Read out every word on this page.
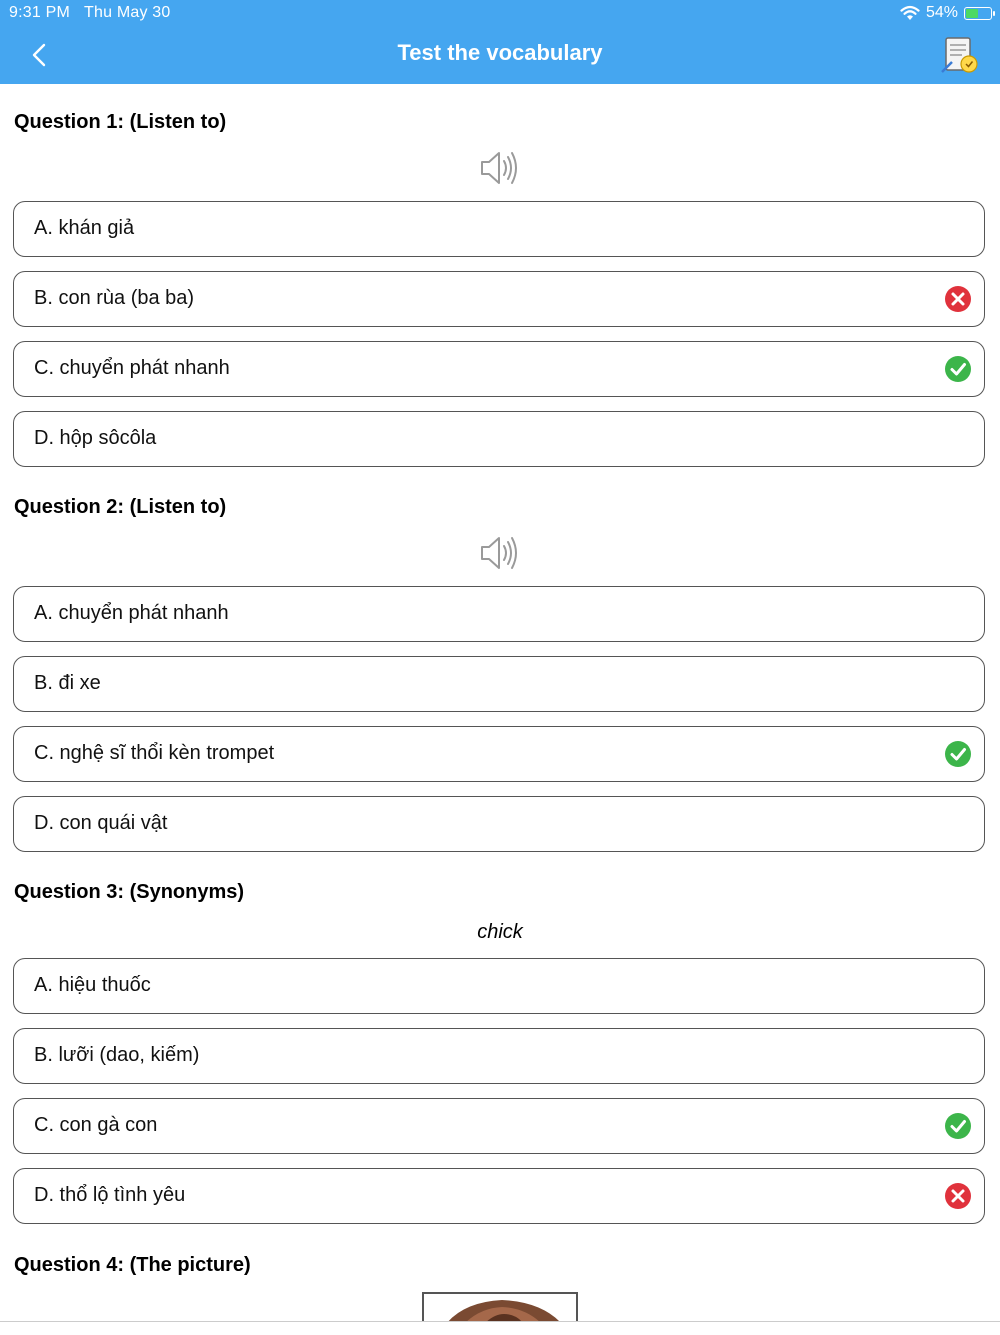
9:31 PM Thu May 30	54%
Test the vocabulary
Question 1: (Listen to)
A. khán giả
B. con rùa (ba ba)
C. chuyển phát nhanh
D. hộp sôcôla
Question 2: (Listen to)
A. chuyển phát nhanh
B. đi xe
C. nghệ sĩ thổi kèn trompet
D. con quái vật
Question 3: (Synonyms)
chick
A. hiệu thuốc
B. lưỡi (dao, kiếm)
C. con gà con
D. thổ lộ tình yêu
Question 4: (The picture)
